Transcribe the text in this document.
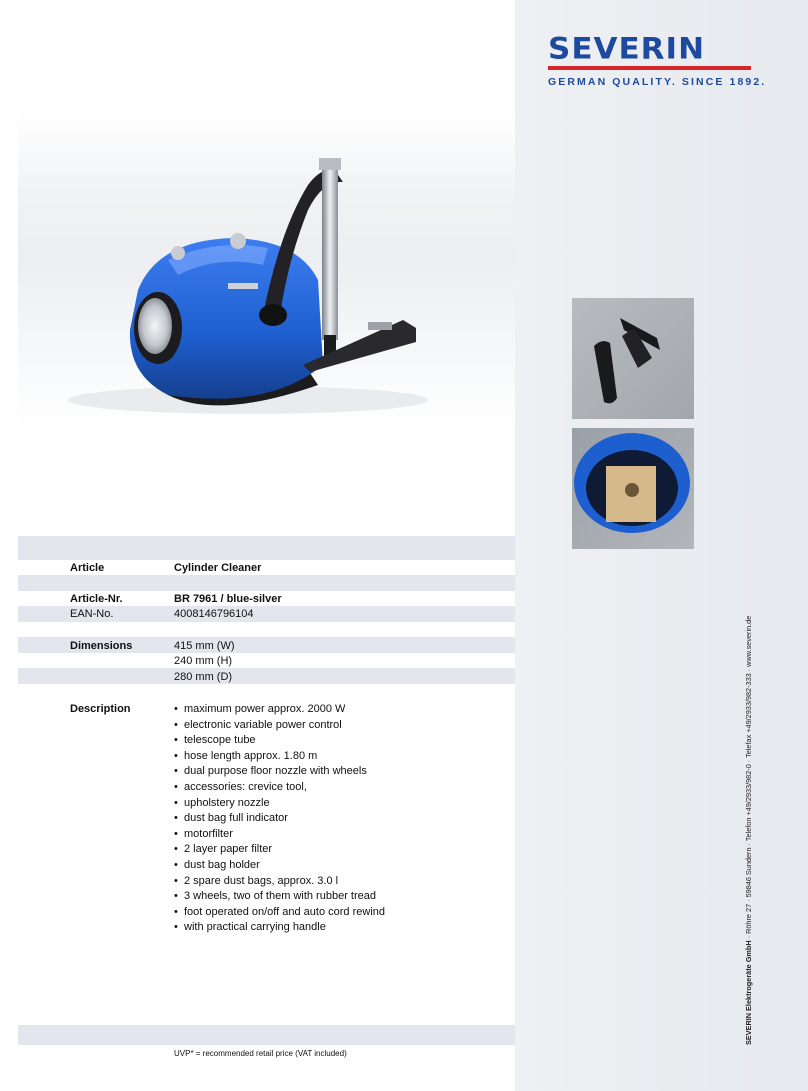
SEVERIN
GERMAN QUALITY. SINCE 1892.
Article	Cylinder Cleaner
Article-Nr.	BR 7961 / blue-silver
EAN-No.	4008146796104
Dimensions	415 mm (W)
240 mm (H)
280 mm (D)
Description
•	maximum power approx. 2000 W
• electronic variable power control
• telescope tube
• hose length approx. 1.80 m
• dual purpose floor nozzle with wheels
• accessories: crevice tool,
• upholstery nozzle
• dust bag full indicator
• motorfilter
• 2 layer paper filter
• dust bag holder
• 2 spare dust bags, approx. 3.0 l
• 3 wheels, two of them with rubber tread
• foot operated on/off and auto cord rewind
• with practical carrying handle
UVP* = recommended retail price (VAT included)
SEVERIN Elektrogeräte GmbH · Röhre 27 · 59846 Sundern · Telefon +49/2933/982-0 · Telefax +49/2933/982-333 · www.severin.de
